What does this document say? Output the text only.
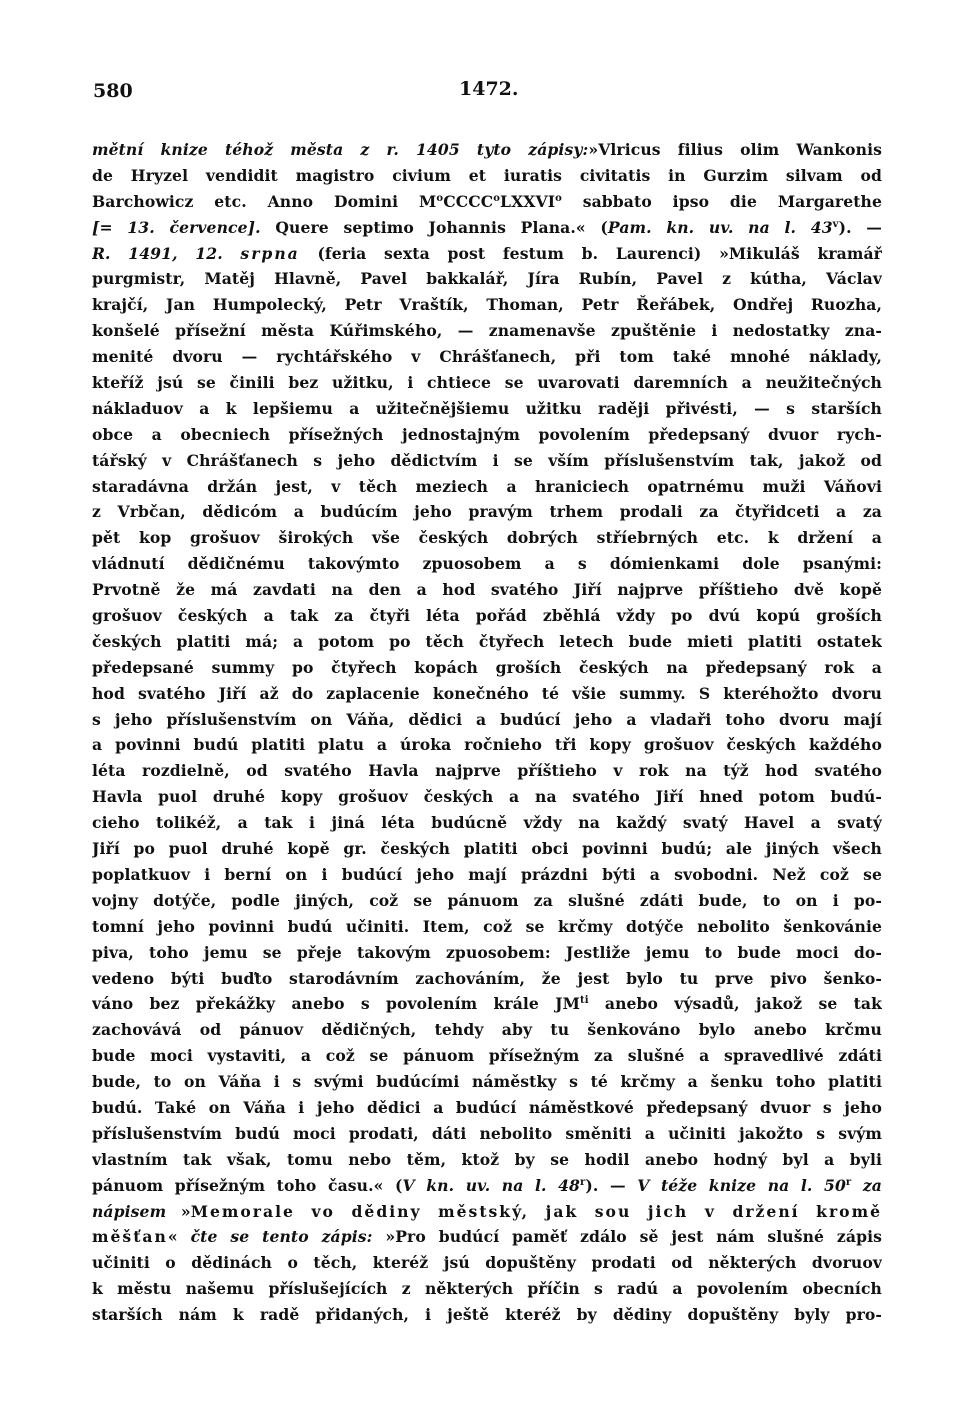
580	1472.
mětní knize téhož města z r. 1405 tyto zápisy:»Vlricus filius olim Wankonis
de Hryzel vendidit magistro civium et iuratis civitatis in Gurzim silvam od
Barchowicz etc. Anno Domini $M^oCCCC^oLXXVI^o$ sabbato ipso die Margarethe
[= 13. července]. Quere septimo Johannis Plana.« (Pam. kn. uv. na l. 43$^v$). —
R. 1491, 12. srpna (feria sexta post festum b. Laurenci) »Mikuláš kramář
purgmistr, Matěj Hlavně, Pavel bakkalář, Jíra Rubín, Pavel z kútha, Václav
krajčí, Jan Humpolecký, Petr Vraštík, Thoman, Petr Řeřábek, Ondřej Ruozha,
konšelé přísežní města Kúřimského, — znamenavše zpuštěnie i nedostatky zna-
menité dvoru — rychtářského v Chrášťanech, při tom také mnohé náklady,
kteříž jsú se činili bez užitku, i chtiece se uvarovati daremních a neužitečných
nákladuov a k lepšiemu a užitečnějšiemu užitku raději přivésti, — s starších
obce a obecniech přísežných jednostajným povolením předepsaný dvuor rych-
tářský v Chrášťanech s jeho dědictvím i se vším příslušenstvím tak, jakož od
staradávna držán jest, v těch meziech a hraniciech opatrnému muži Váňovi
z Vrbčan, dědicóm a budúcím jeho pravým trhem prodali za čtyřidceti a za
pět kop grošuov širokých vše českých dobrých stříebrných etc. k držení a
vládnutí dědičnému takovýmto zpuosobem a s dómienkami dole psanými:
Prvotně že má zavdati na den a hod svatého Jiří najprve příštieho dvě kopě
grošuov českých a tak za čtyři léta pořád zběhlá vždy po dvú kopú groších
českých platiti má; a potom po těch čtyřech letech bude mieti platiti ostatek
předepsané summy po čtyřech kopách groších českých na předepsaný rok a
hod svatého Jiří až do zaplacenie konečného té všie summy. S kteréhožto dvoru
s jeho příslušenstvím on Váňa, dědici a budúcí jeho a vladaři toho dvoru mají
a povinni budú platiti platu a úroka ročnieho tři kopy grošuov českých každého
léta rozdielně, od svatého Havla najprve příštieho v rok na týž hod svatého
Havla puol druhé kopy grošuov českých a na svatého Jiří hned potom budú-
cieho tolikéž, a tak i jiná léta budúcně vždy na každý svatý Havel a svatý
Jiří po puol druhé kopě gr. českých platiti obci povinni budú; ale jiných všech
poplatkuov i berní on i budúcí jeho mají prázdni býti a svobodni. Než což se
vojny dotýče, podle jiných, což se pánuom za slušné zdáti bude, to on i po-
tomní jeho povinni budú učiniti. Item, což se krčmy dotýče nebolito šenkovánie
piva, toho jemu se přeje takovým zpuosobem: Jestliže jemu to bude moci do-
vedeno býti buďto starodávním zachováním, že jest bylo tu prve pivo šenko-
váno bez překážky anebo s povolením krále $JM^{ti}$ anebo výsadů, jakož se tak
zachovává od pánuov dědičných, tehdy aby tu šenkováno bylo anebo krčmu
bude moci vystaviti, a což se pánuom přísežným za slušné a spravedlivé zdáti
bude, to on Váňa i s svými budúcími náměstky s té krčmy a šenku toho platiti
budú. Také on Váňa i jeho dědici a budúcí náměstkové předepsaný dvuor s jeho
příslušenstvím budú moci prodati, dáti nebolito směniti a učiniti jakožto s svým
vlastním tak však, tomu nebo těm, ktož by se hodil anebo hodný byl a byli
pánuom přísežným toho času.« (V kn. uv. na l. 48$^r$). — V téže knize na l. 50$^r$ za
nápisem »Memorale vo dědiny městský, jak sou jich v držení kromě
měšťan« čte se tento zápis: »Pro budúcí paměť zdálo sě jest nám slušné zápis
učiniti o dědinách o těch, kteréž jsú dopuštěny prodati od některých dvoruov
k městu našemu příslušejících z některých příčin s radú a povolením obecních
starších nám k radě přidaných, i ještě kteréž by dědiny dopuštěny byly pro-
